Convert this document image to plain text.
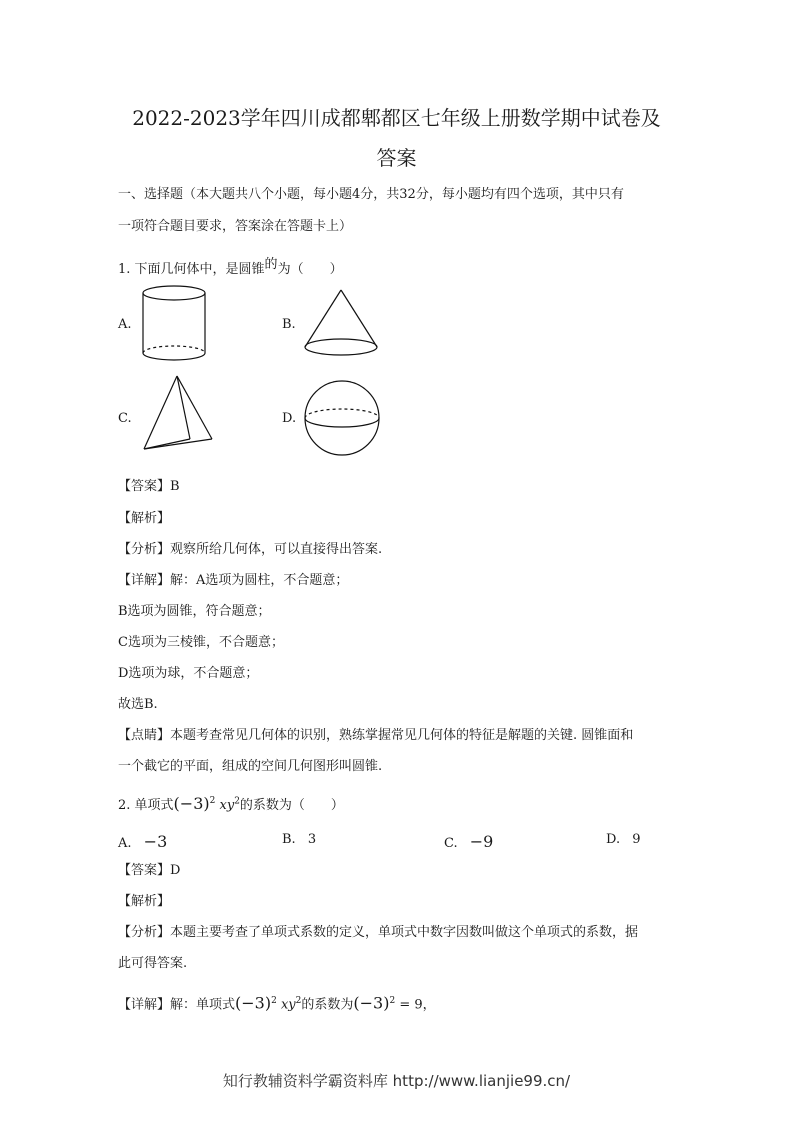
2022-2023学年四川成都郫都区七年级上册数学期中试卷及
答案
一、选择题（本大题共八个小题，每小题4分，共32分，每小题均有四个选项，其中只有
一项符合题目要求，答案涂在答题卡上）
1. 下面几何体中，是圆锥的为（　　）
A.	B.
C.	D.
【答案】B
【解析】
【分析】观察所给几何体，可以直接得出答案.
【详解】解：A选项为圆柱，不合题意；
B选项为圆锥，符合题意；
C选项为三棱锥，不合题意；
D选项为球，不合题意；
故选B.
【点睛】本题考查常见几何体的识别，熟练掌握常见几何体的特征是解题的关键. 圆锥面和
一个截它的平面，组成的空间几何图形叫圆锥.
2. 单项式$(-3)^2$ $xy^2$的系数为（　　）
A. −3	B. 3	C. −9	D. 9
【答案】D
【解析】
【分析】本题主要考查了单项式系数的定义，单项式中数字因数叫做这个单项式的系数，据
此可得答案.
【详解】解：单项式$(-3)^2$ $xy^2$的系数为$(-3)^2 = 9$，
知行教辅资料学霸资料库 http://www.lianjie99.cn/
